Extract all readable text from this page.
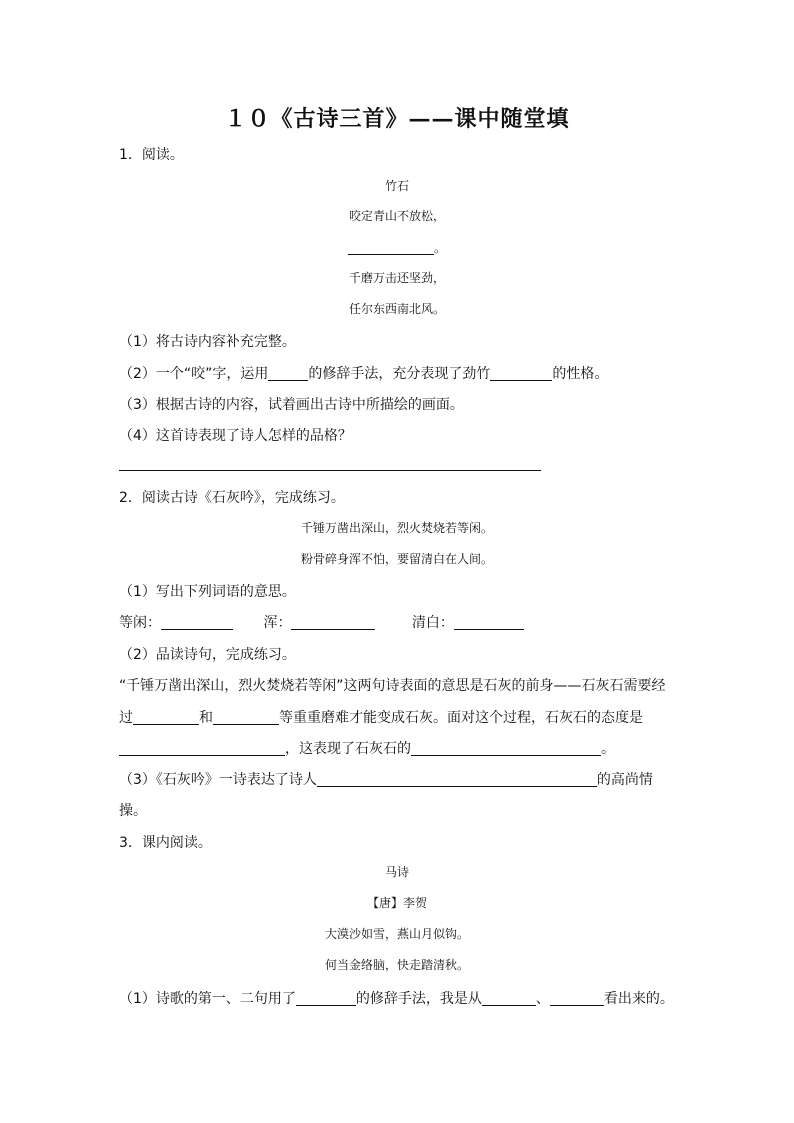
１０《古诗三首》——课中随堂填
1．阅读。
竹石
咬定青山不放松，
。
千磨万击还坚劲，
任尔东西南北风。
（1）将古诗内容补充完整。
（2）一个“咬”字，运用	的修辞手法，充分表现了劲竹	的性格。
（3）根据古诗的内容，试着画出古诗中所描绘的画面。
（4）这首诗表现了诗人怎样的品格？
2．阅读古诗《石灰吟》，完成练习。
千锤万凿出深山，烈火焚烧若等闲。
粉骨碎身浑不怕，要留清白在人间。
（1）写出下列词语的意思。
等闲：	浑：	清白：
（2）品读诗句，完成练习。
“千锤万凿出深山，烈火焚烧若等闲”这两句诗表面的意思是石灰的前身——石灰石需要经
过	和	等重重磨难才能变成石灰。面对这个过程，石灰石的态度是
，这表现了石灰石的	。
（3）《石灰吟》一诗表达了诗人	的高尚情
操。
3．课内阅读。
马诗
【唐】李贺
大漠沙如雪，燕山月似钩。
何当金络脑，快走踏清秋。
（1）诗歌的第一、二句用了	的修辞手法，我是从	、	看出来的。
